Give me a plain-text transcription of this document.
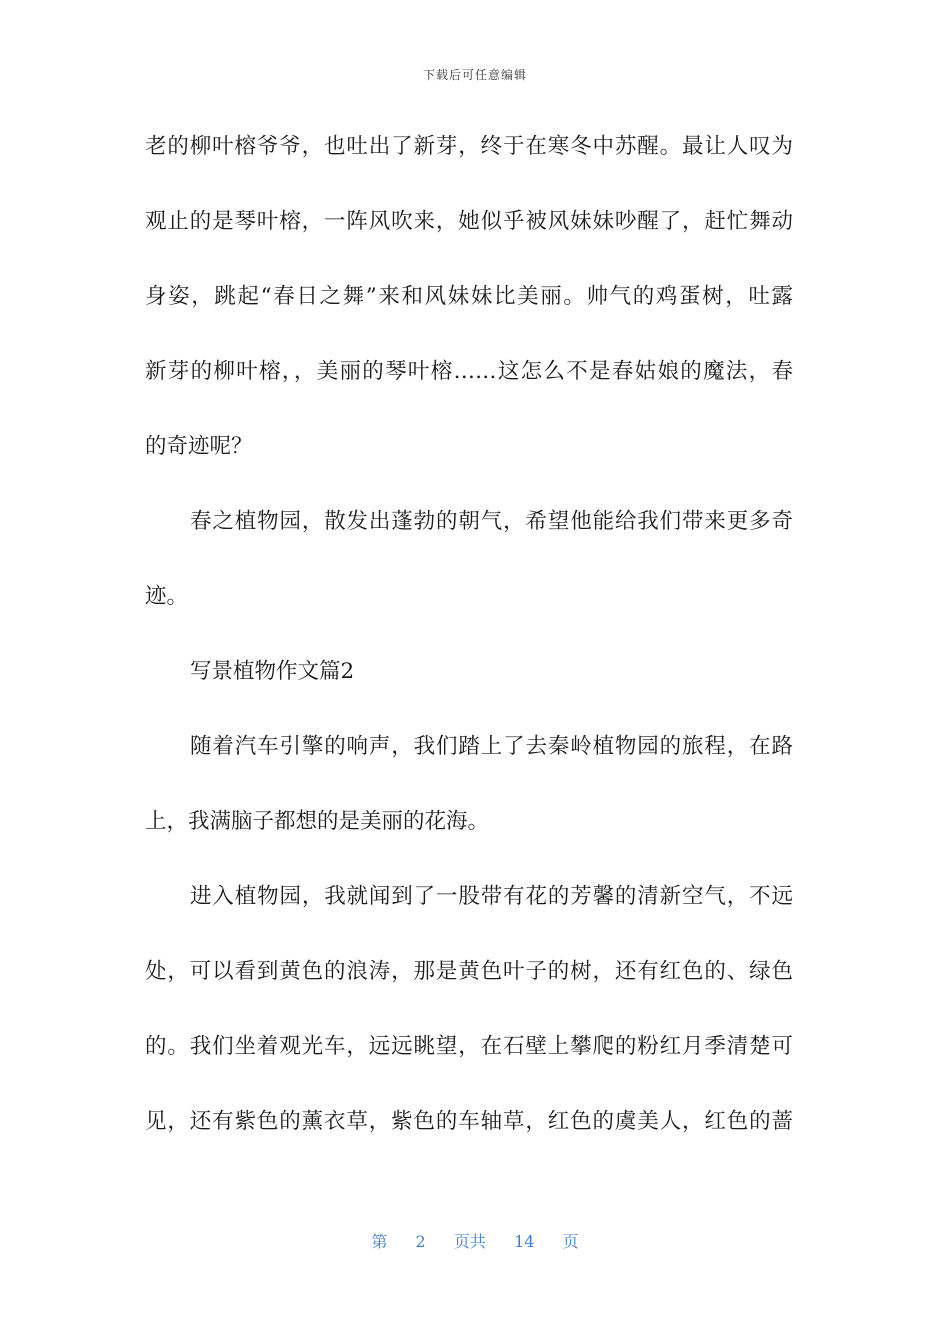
下载后可任意编辑
老的柳叶榕爷爷，也吐出了新芽，终于在寒冬中苏醒。最让人叹为
观止的是琴叶榕，一阵风吹来，她似乎被风妹妹吵醒了，赶忙舞动
身姿，跳起“春日之舞”来和风妹妹比美丽。帅气的鸡蛋树，吐露
新芽的柳叶榕，，美丽的琴叶榕……这怎么不是春姑娘的魔法，春
的奇迹呢？
春之植物园，散发出蓬勃的朝气，希望他能给我们带来更多奇
迹。
写景植物作文篇2
随着汽车引擎的响声，我们踏上了去秦岭植物园的旅程，在路
上，我满脑子都想的是美丽的花海。
进入植物园，我就闻到了一股带有花的芳馨的清新空气，不远
处，可以看到黄色的浪涛，那是黄色叶子的树，还有红色的、绿色
的。我们坐着观光车，远远眺望，在石壁上攀爬的粉红月季清楚可
见，还有紫色的薰衣草，紫色的车轴草，红色的虞美人，红色的蔷
第 2 页共 14 页
